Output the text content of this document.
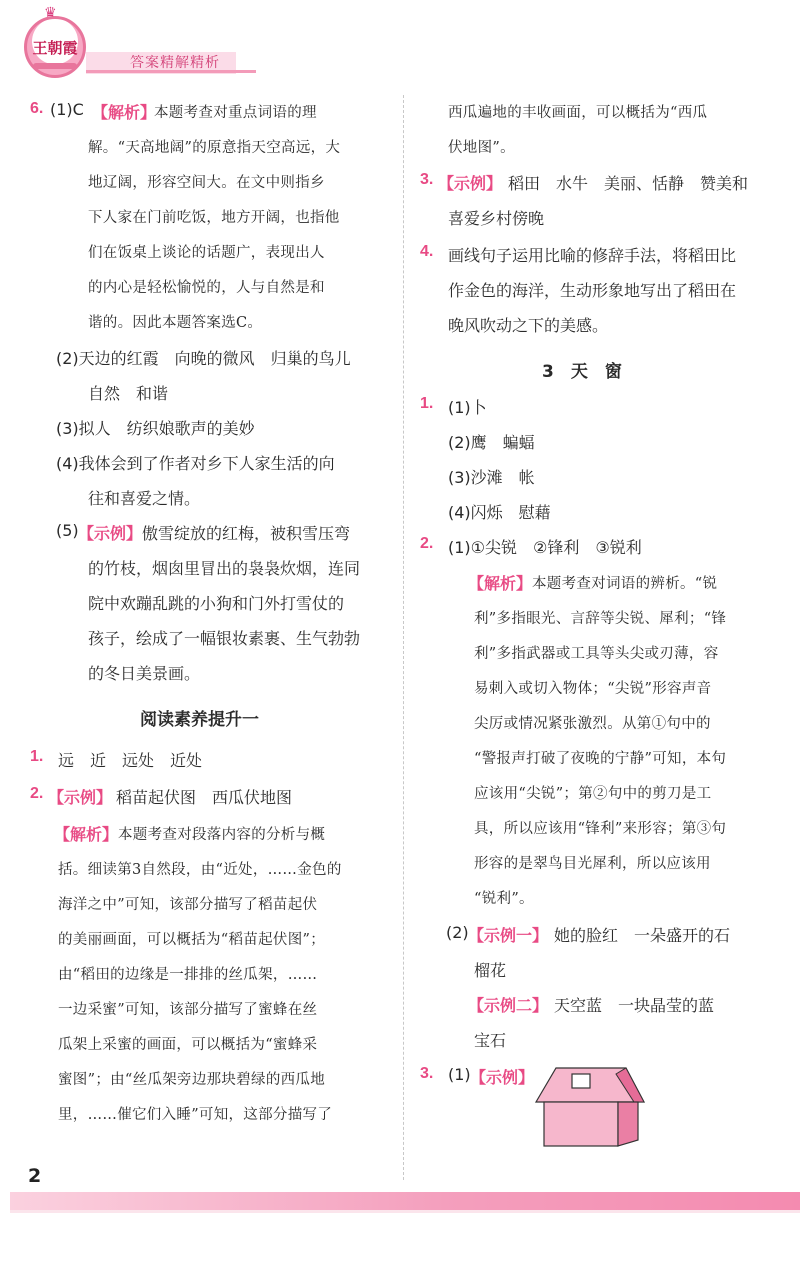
王朝霞
♛
答案精解精析
6. (1)C 【解析】
本题考查对重点词语的理
解。“天高地阔”的原意指天空高远，大
地辽阔，形容空间大。在文中则指乡
下人家在门前吃饭，地方开阔，也指他
们在饭桌上谈论的话题广，表现出人
的内心是轻松愉悦的，人与自然是和
谐的。因此本题答案选C。
(2)天边的红霞　向晚的微风　归巢的鸟儿
自然　和谐
(3)拟人　纺织娘歌声的美妙
(4)我体会到了作者对乡下人家生活的向
往和喜爱之情。
(5) 【示例】 傲雪绽放的红梅，被积雪压弯
的竹枝，烟囱里冒出的袅袅炊烟，连同
院中欢蹦乱跳的小狗和门外打雪仗的
孩子，绘成了一幅银妆素裹、生气勃勃
的冬日美景画。
阅读素养提升一
1. 远　近　远处　近处
2. 【示例】 稻苗起伏图　西瓜伏地图
【解析】 本题考查对段落内容的分析与概
括。细读第3自然段，由“近处，……金色的
海洋之中”可知，该部分描写了稻苗起伏
的美丽画面，可以概括为“稻苗起伏图”；
由“稻田的边缘是一排排的丝瓜架，……
一边采蜜”可知，该部分描写了蜜蜂在丝
瓜架上采蜜的画面，可以概括为“蜜蜂采
蜜图”；由“丝瓜架旁边那块碧绿的西瓜地
里，……催它们入睡”可知，这部分描写了
西瓜遍地的丰收画面，可以概括为“西瓜
伏地图”。
3. 【示例】 稻田　水牛　美丽、恬静　赞美和
喜爱乡村傍晚
4. 画线句子运用比喻的修辞手法，将稻田比
作金色的海洋，生动形象地写出了稻田在
晚风吹动之下的美感。
3　天　窗
1. (1)卜
(2)鹰　蝙蝠
(3)沙滩　帐
(4)闪烁　慰藉
2. (1)①尖锐　②锋利　③锐利
【解析】 本题考查对词语的辨析。“锐
利”多指眼光、言辞等尖锐、犀利；“锋
利”多指武器或工具等头尖或刃薄，容
易刺入或切入物体；“尖锐”形容声音
尖厉或情况紧张激烈。从第①句中的
“警报声打破了夜晚的宁静”可知，本句
应该用“尖锐”；第②句中的剪刀是工
具，所以应该用“锋利”来形容；第③句
形容的是翠鸟目光犀利，所以应该用
“锐利”。
(2) 【示例一】 她的脸红　一朵盛开的石
榴花
【示例二】 天空蓝　一块晶莹的蓝
宝石
3. (1) 【示例】
2
